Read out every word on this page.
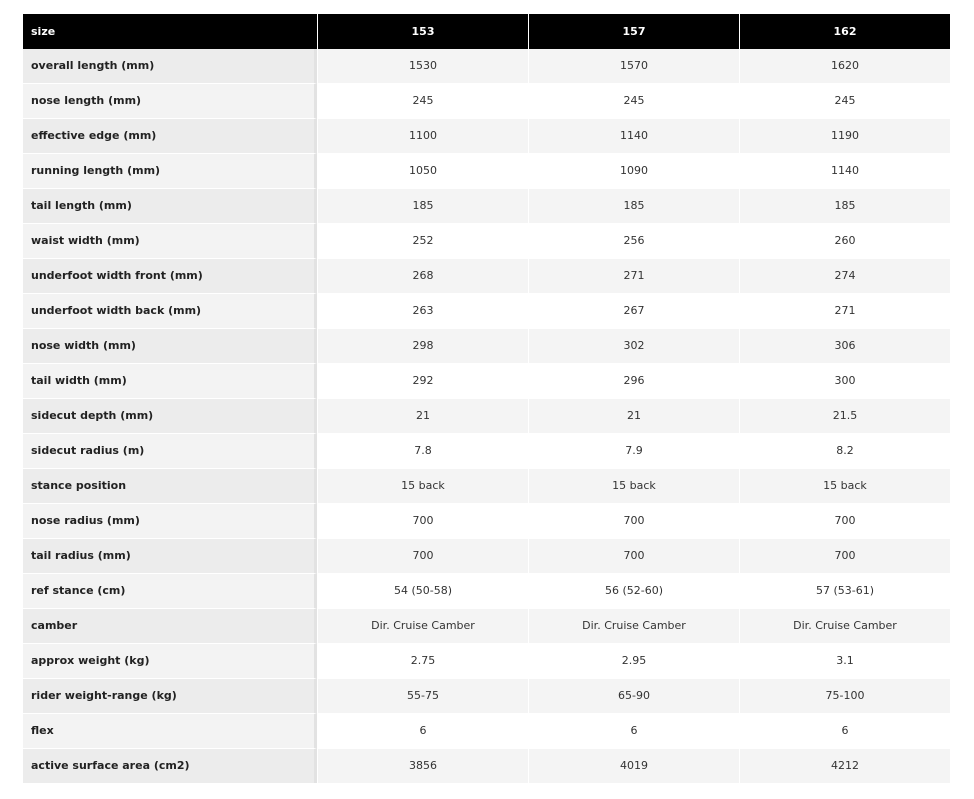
size	153	157	162
overall length (mm)	1530	1570	1620
nose length (mm)	245	245	245
effective edge (mm)	1100	1140	1190
running length (mm)	1050	1090	1140
tail length (mm)	185	185	185
waist width (mm)	252	256	260
underfoot width front (mm)	268	271	274
underfoot width back (mm)	263	267	271
nose width (mm)	298	302	306
tail width (mm)	292	296	300
sidecut depth (mm)	21	21	21.5
sidecut radius (m)	7.8	7.9	8.2
stance position	15 back	15 back	15 back
nose radius (mm)	700	700	700
tail radius (mm)	700	700	700
ref stance (cm)	54 (50-58)	56 (52-60)	57 (53-61)
camber	Dir. Cruise Camber	Dir. Cruise Camber	Dir. Cruise Camber
approx weight (kg)	2.75	2.95	3.1
rider weight-range (kg)	55-75	65-90	75-100
flex	6	6	6
active surface area (cm2)	3856	4019	4212
